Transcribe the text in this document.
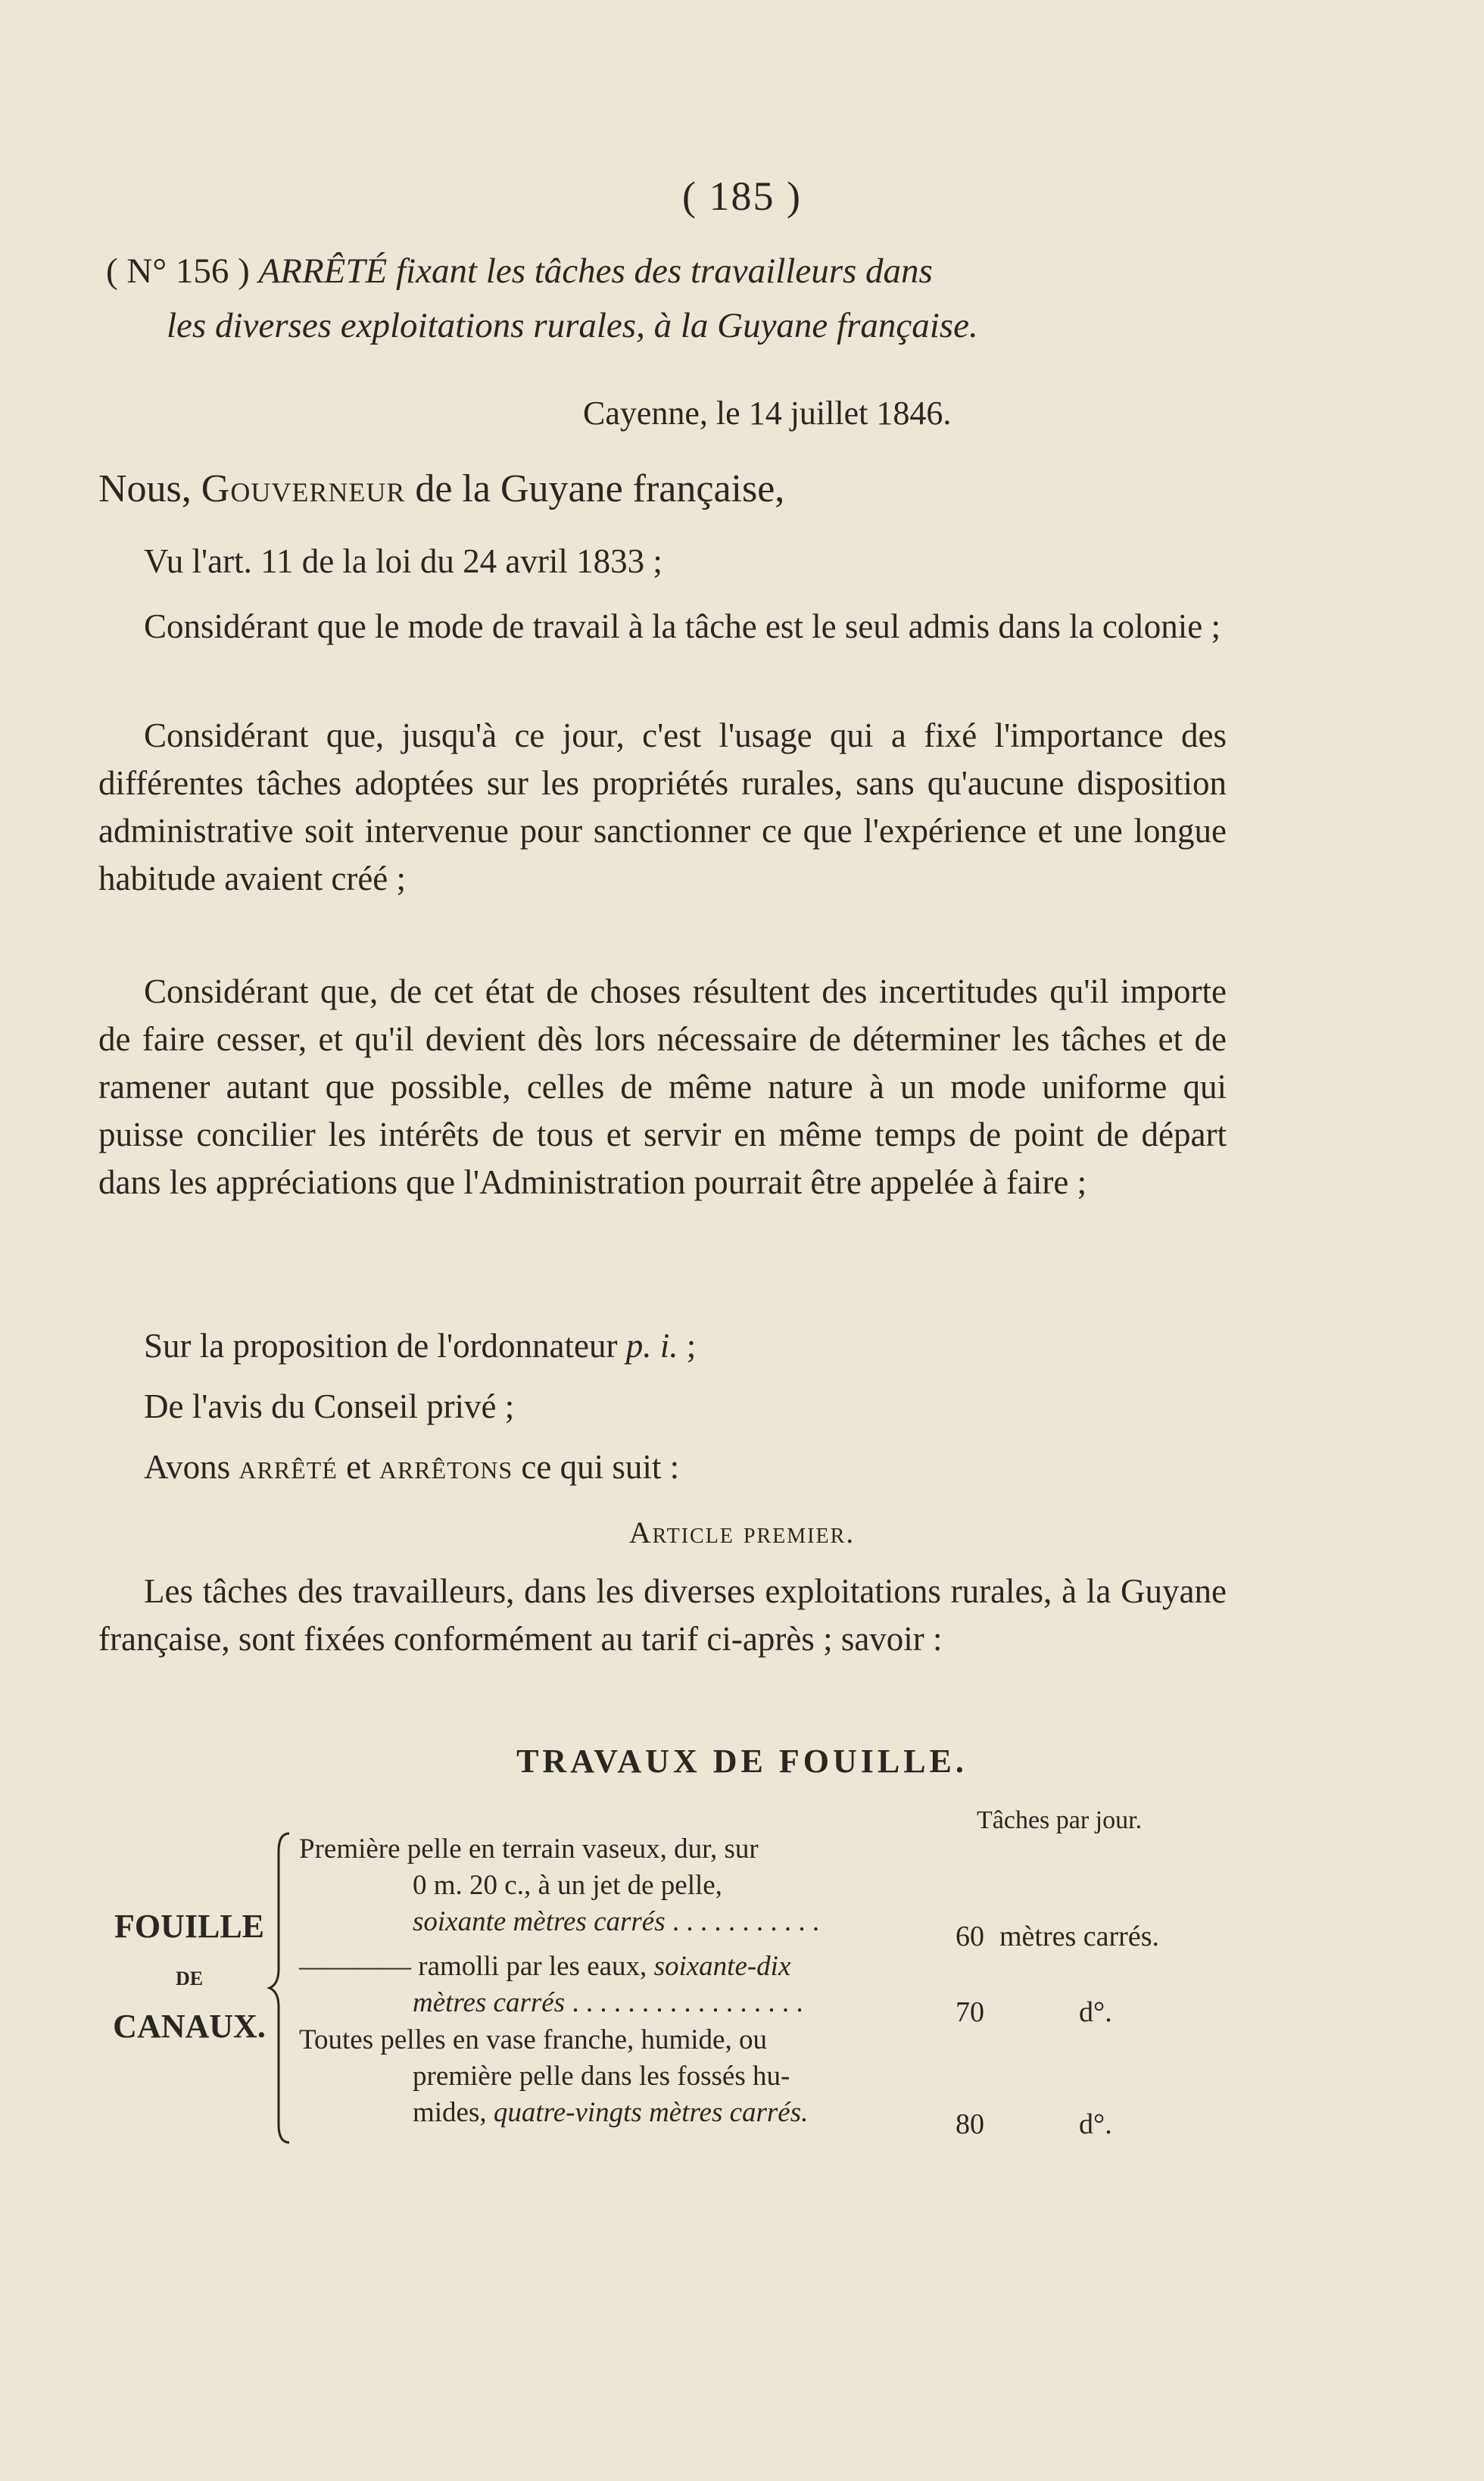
( 185 )
( N° 156 ) ARRÊTÉ fixant les tâches des travailleurs dans
les diverses exploitations rurales, à la Guyane française.
Cayenne, le 14 juillet 1846.
Nous, Gouverneur de la Guyane française,

Vu l'art. 11 de la loi du 24 avril 1833 ;

Considérant que le mode de travail à la tâche est le seul admis dans la colonie ;

Considérant que, jusqu'à ce jour, c'est l'usage qui a fixé l'importance des différentes tâches adoptées sur les propriétés rurales, sans qu'aucune disposition administrative soit intervenue pour sanctionner ce que l'expérience et une longue habitude avaient créé ;

Considérant que, de cet état de choses résultent des incertitudes qu'il importe de faire cesser, et qu'il devient dès lors nécessaire de déterminer les tâches et de ramener autant que possible, celles de même nature à un mode uniforme qui puisse concilier les intérêts de tous et servir en même temps de point de départ dans les appréciations que l'Administration pourrait être appelée à faire ;

Sur la proposition de l'ordonnateur p. i. ;

De l'avis du Conseil privé ;

Avons arrêté et arrêtons ce qui suit :

Article premier.

Les tâches des travailleurs, dans les diverses exploitations rurales, à la Guyane française, sont fixées conformément au tarif ci-après ; savoir :

TRAVAUX DE FOUILLE.
Tâches par jour.
FOUILLE
DE
CANAUX.
Première pelle en terrain vaseux, dur, sur
0 m. 20 c., à un jet de pelle,
soixante mètres carrés . . . . . . . . . . .	60 mètres carrés.
———— ramolli par les eaux, soixante-dix
mètres carrés . . . . . . . . . . . . . . . . .	70	d°.
Toutes pelles en vase franche, humide, ou
première pelle dans les fossés hu-
mides, quatre-vingts mètres carrés.	80	d°.
